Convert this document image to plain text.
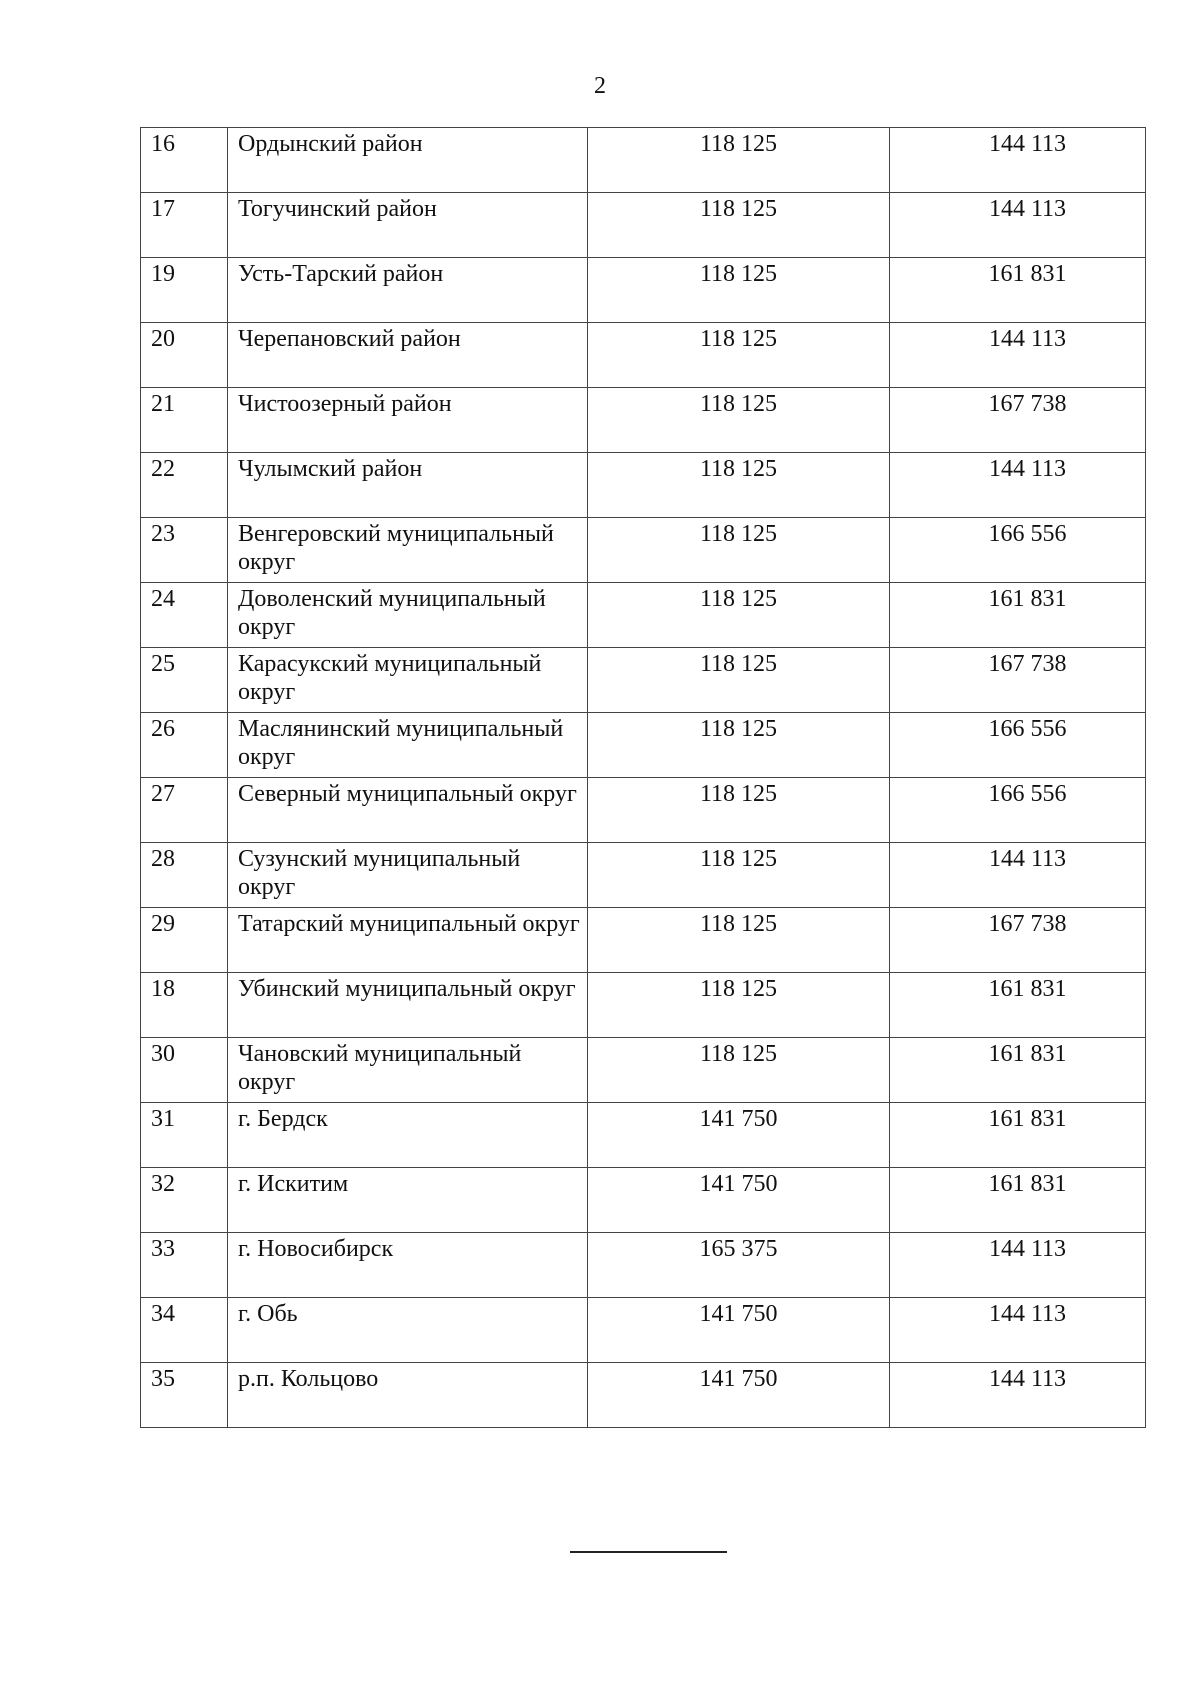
2
16	Ордынский район	118 125	144 113
17	Тогучинский район	118 125	144 113
19	Усть-Тарский район	118 125	161 831
20	Черепановский район	118 125	144 113
21	Чистоозерный район	118 125	167 738
22	Чулымский район	118 125	144 113
23	Венгеровский муниципальный округ	118 125	166 556
24	Доволенский муниципальный округ	118 125	161 831
25	Карасукский муниципальный округ	118 125	167 738
26	Маслянинский муниципальный округ	118 125	166 556
27	Северный муниципальный округ	118 125	166 556
28	Сузунский муниципальный округ	118 125	144 113
29	Татарский муниципальный округ	118 125	167 738
18	Убинский муниципальный округ	118 125	161 831
30	Чановский муниципальный округ	118 125	161 831
31	г. Бердск	141 750	161 831
32	г. Искитим	141 750	161 831
33	г. Новосибирск	165 375	144 113
34	г. Обь	141 750	144 113
35	р.п. Кольцово	141 750	144 113
